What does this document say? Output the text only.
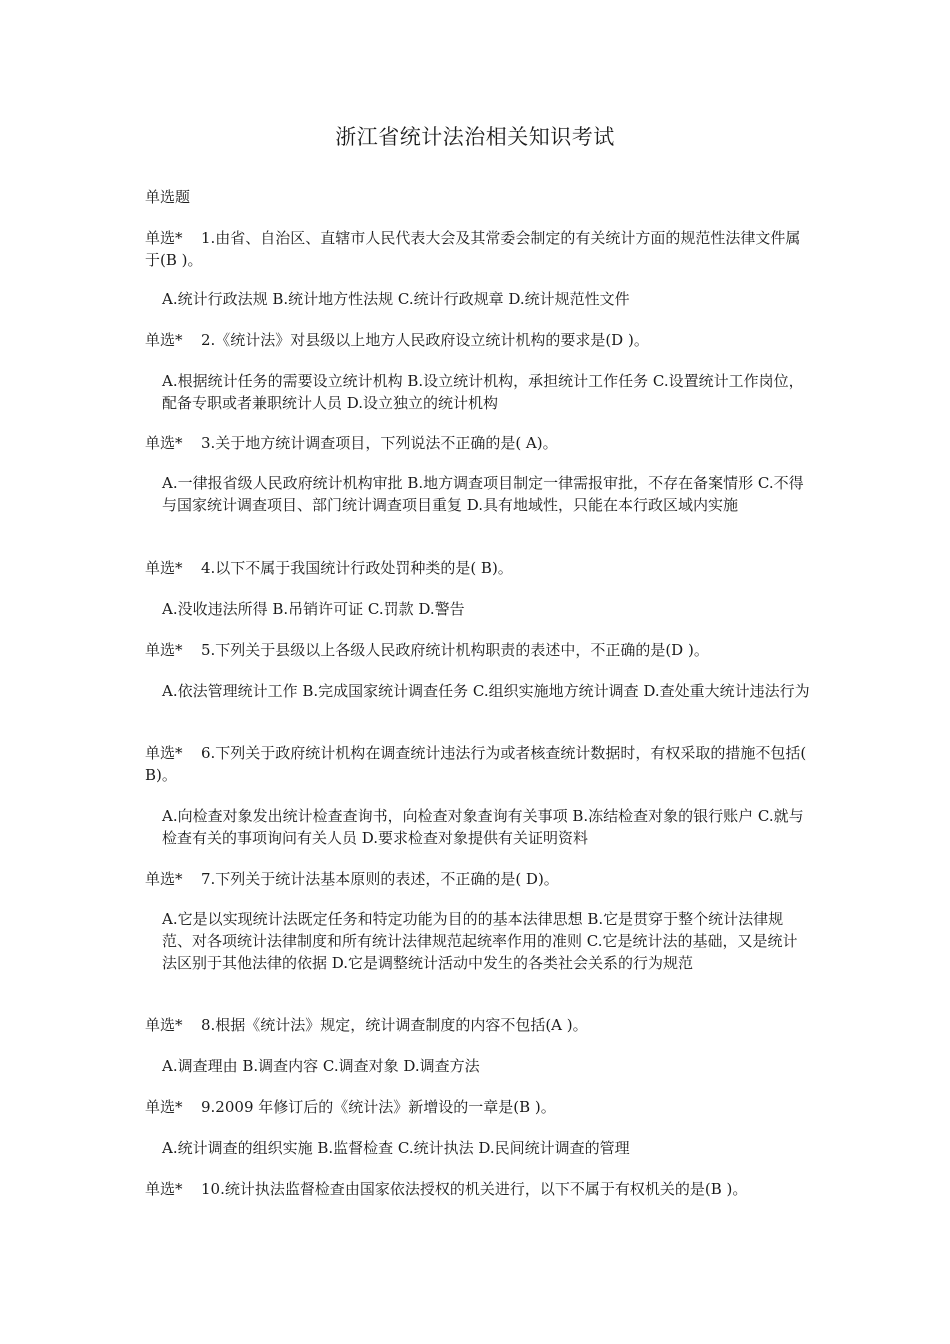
浙江省统计法治相关知识考试
单选题
单选* 1.由省、自治区、直辖市人民代表大会及其常委会制定的有关统计方面的规范性法律文件属于(B )。
A.统计行政法规 B.统计地方性法规 C.统计行政规章 D.统计规范性文件
单选* 2.《统计法》对县级以上地方人民政府设立统计机构的要求是(D )。
A.根据统计任务的需要设立统计机构 B.设立统计机构，承担统计工作任务 C.设置统计工作岗位，配备专职或者兼职统计人员 D.设立独立的统计机构
单选* 3.关于地方统计调查项目，下列说法不正确的是( A)。
A.一律报省级人民政府统计机构审批 B.地方调查项目制定一律需报审批，不存在备案情形 C.不得与国家统计调查项目、部门统计调查项目重复 D.具有地域性，只能在本行政区域内实施
单选* 4.以下不属于我国统计行政处罚种类的是( B)。
A.没收违法所得 B.吊销许可证 C.罚款 D.警告
单选* 5.下列关于县级以上各级人民政府统计机构职责的表述中，不正确的是(D )。
A.依法管理统计工作 B.完成国家统计调查任务 C.组织实施地方统计调查 D.查处重大统计违法行为
单选* 6.下列关于政府统计机构在调查统计违法行为或者核查统计数据时，有权采取的措施不包括( B)。
A.向检查对象发出统计检查查询书，向检查对象查询有关事项 B.冻结检查对象的银行账户 C.就与检查有关的事项询问有关人员 D.要求检查对象提供有关证明资料
单选* 7.下列关于统计法基本原则的表述，不正确的是( D)。
A.它是以实现统计法既定任务和特定功能为目的的基本法律思想 B.它是贯穿于整个统计法律规范、对各项统计法律制度和所有统计法律规范起统率作用的准则 C.它是统计法的基础，又是统计法区别于其他法律的依据 D.它是调整统计活动中发生的各类社会关系的行为规范
单选* 8.根据《统计法》规定，统计调查制度的内容不包括(A )。
A.调查理由 B.调查内容 C.调查对象 D.调查方法
单选* 9.2009 年修订后的《统计法》新增设的一章是(B )。
A.统计调查的组织实施 B.监督检查 C.统计执法 D.民间统计调查的管理
单选* 10.统计执法监督检查由国家依法授权的机关进行，以下不属于有权机关的是(B )。
